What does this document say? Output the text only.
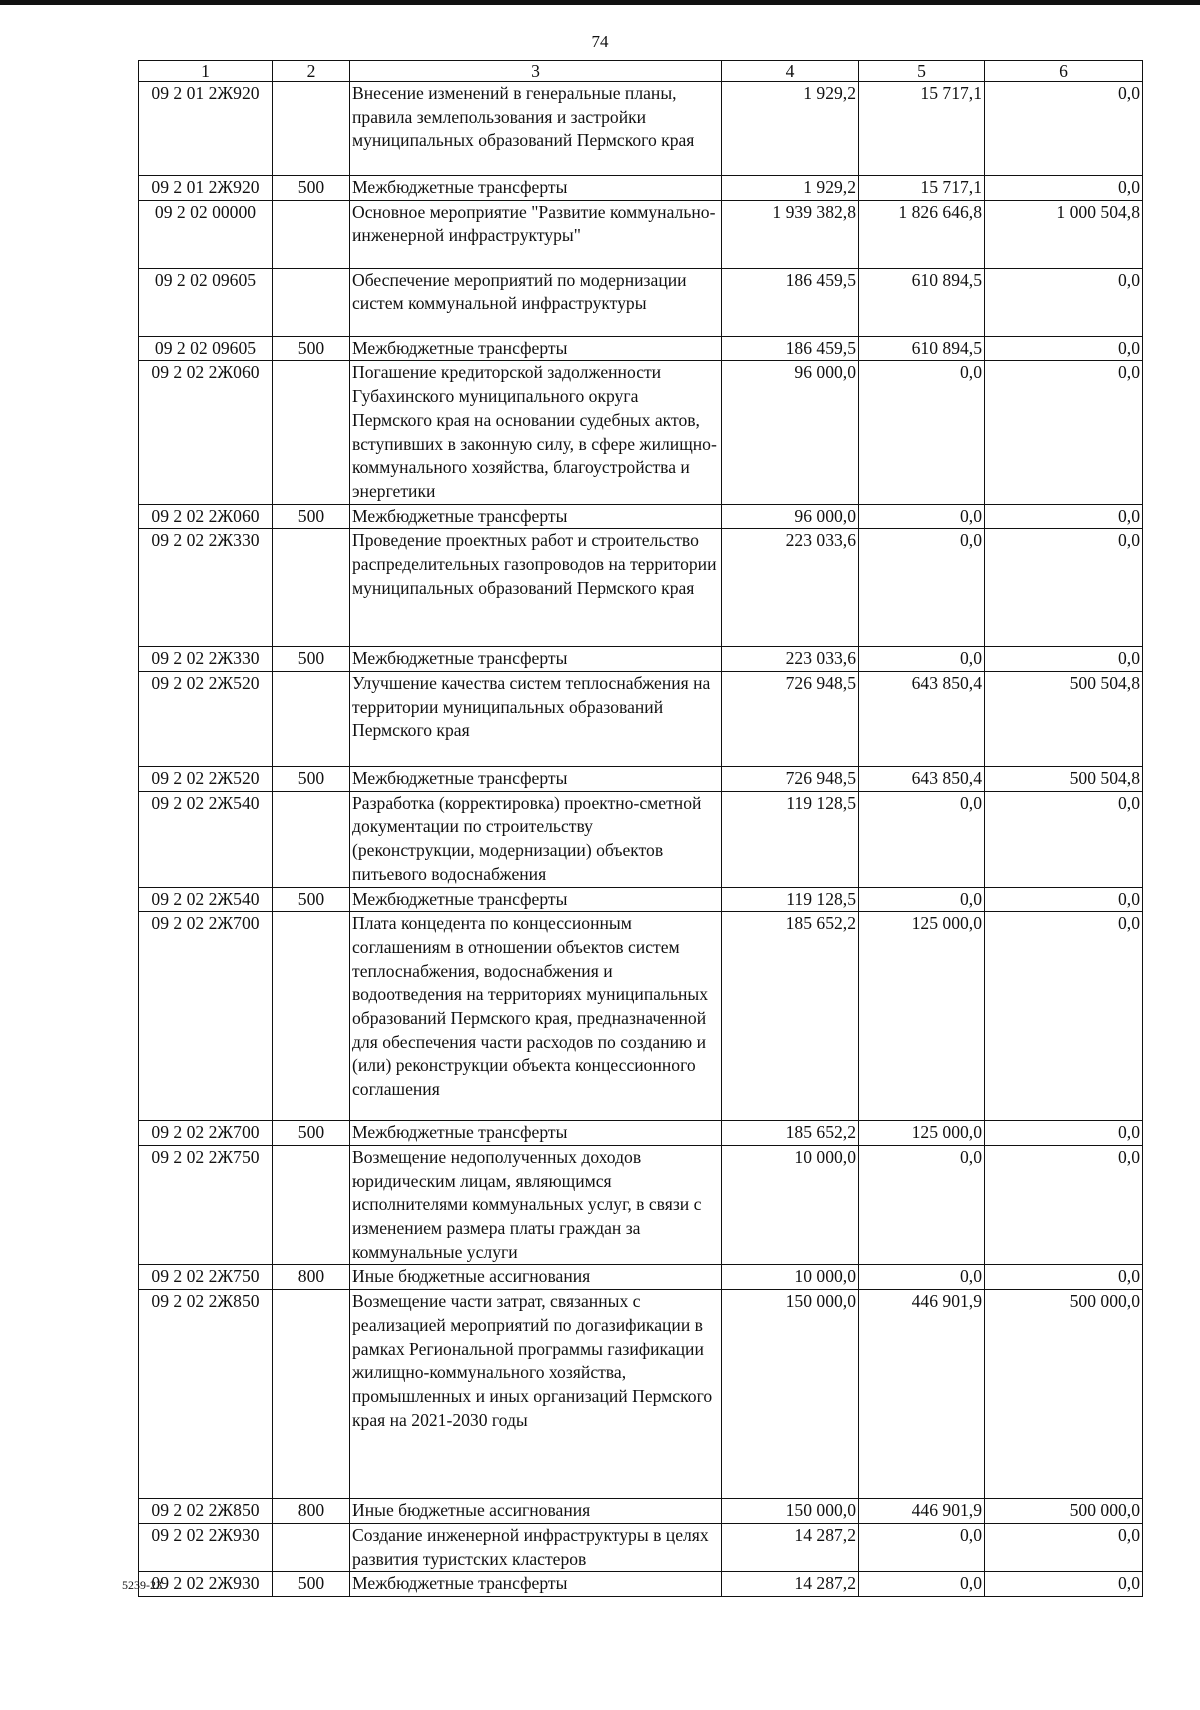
74
1	2	3	4	5	6
09 2 01 2Ж920		Внесение изменений в генеральные планы, правила землепользования и застройки муниципальных образований Пермского края	1 929,2	15 717,1	0,0
09 2 01 2Ж920	500	Межбюджетные трансферты	1 929,2	15 717,1	0,0
09 2 02 00000		Основное мероприятие "Развитие коммунально-инженерной инфраструктуры"	1 939 382,8	1 826 646,8	1 000 504,8
09 2 02 09605		Обеспечение мероприятий по модернизации систем коммунальной инфраструктуры	186 459,5	610 894,5	0,0
09 2 02 09605	500	Межбюджетные трансферты	186 459,5	610 894,5	0,0
09 2 02 2Ж060		Погашение кредиторской задолженности Губахинского муниципального округа Пермского края на основании судебных актов, вступивших в законную силу, в сфере жилищно-коммунального хозяйства, благоустройства и энергетики	96 000,0	0,0	0,0
09 2 02 2Ж060	500	Межбюджетные трансферты	96 000,0	0,0	0,0
09 2 02 2Ж330		Проведение проектных работ и строительство распределительных газопроводов на территории муниципальных образований Пермского края	223 033,6	0,0	0,0
09 2 02 2Ж330	500	Межбюджетные трансферты	223 033,6	0,0	0,0
09 2 02 2Ж520		Улучшение качества систем теплоснабжения на территории муниципальных образований Пермского края	726 948,5	643 850,4	500 504,8
09 2 02 2Ж520	500	Межбюджетные трансферты	726 948,5	643 850,4	500 504,8
09 2 02 2Ж540		Разработка (корректировка) проектно-сметной документации по строительству (реконструкции, модернизации) объектов питьевого водоснабжения	119 128,5	0,0	0,0
09 2 02 2Ж540	500	Межбюджетные трансферты	119 128,5	0,0	0,0
09 2 02 2Ж700		Плата концедента по концессионным соглашениям в отношении объектов систем теплоснабжения, водоснабжения и водоотведения на территориях муниципальных образований Пермского края, предназначенной для обеспечения части расходов по созданию и (или) реконструкции объекта концессионного соглашения	185 652,2	125 000,0	0,0
09 2 02 2Ж700	500	Межбюджетные трансферты	185 652,2	125 000,0	0,0
09 2 02 2Ж750		Возмещение недополученных доходов юридическим лицам, являющимся исполнителями коммунальных услуг, в связи с изменением размера платы граждан за коммунальные услуги	10 000,0	0,0	0,0
09 2 02 2Ж750	800	Иные бюджетные ассигнования	10 000,0	0,0	0,0
09 2 02 2Ж850		Возмещение части затрат, связанных с реализацией мероприятий по догазификации в рамках Региональной программы газификации жилищно-коммунального хозяйства, промышленных и иных организаций Пермского края на 2021-2030 годы	150 000,0	446 901,9	500 000,0
09 2 02 2Ж850	800	Иные бюджетные ассигнования	150 000,0	446 901,9	500 000,0
09 2 02 2Ж930		Создание инженерной инфраструктуры в целях развития туристских кластеров	14 287,2	0,0	0,0
09 2 02 2Ж930	500	Межбюджетные трансферты	14 287,2	0,0	0,0
5239-23
